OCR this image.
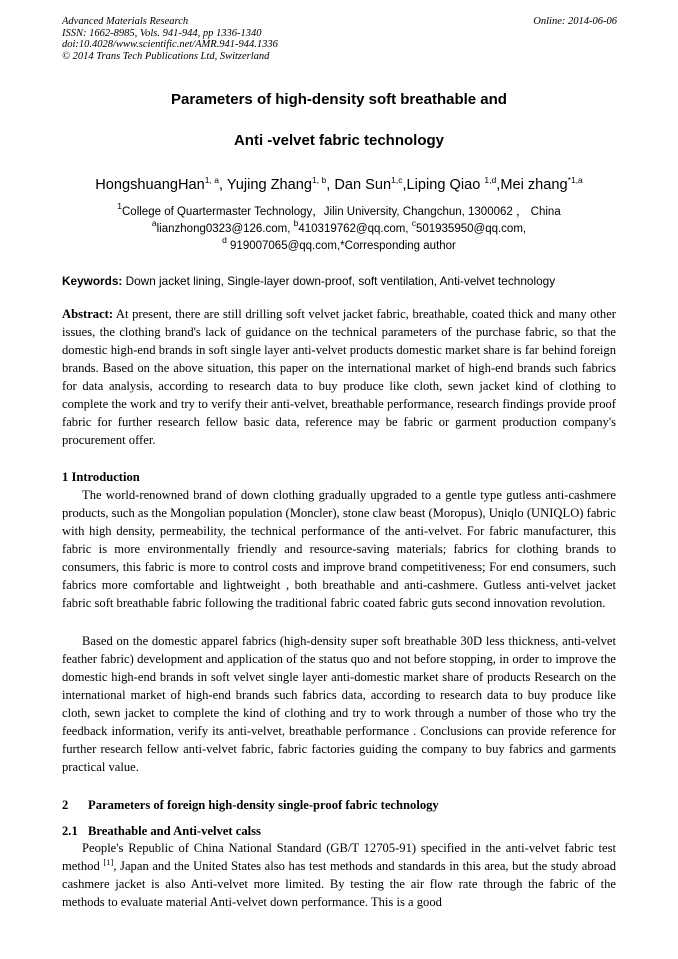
Advanced Materials Research
ISSN: 1662-8985, Vols. 941-944, pp 1336-1340
doi:10.4028/www.scientific.net/AMR.941-944.1336
© 2014 Trans Tech Publications Ltd, Switzerland
Online: 2014-06-06
Parameters of high-density soft breathable and
Anti -velvet fabric technology
HongshuangHan$^{1, a}$, Yujing Zhang$^{1, b}$, Dan Sun$^{1,c}$,Liping Qiao $^{1,d}$,Mei zhang$^{*1,a}$
$^1$College of Quartermaster Technology，Jilin University, Changchun, 1300062 ， China
$^a$lianzhong0323@126.com, $^b$410319762@qq.com, $^c$501935950@qq.com,
$^d$ 919007065@qq.com,*Corresponding author
Keywords: Down jacket lining, Single-layer down-proof, soft ventilation, Anti-velvet technology

Abstract: At present, there are still drilling soft velvet jacket fabric, breathable, coated thick and many other issues, the clothing brand's lack of guidance on the technical parameters of the purchase fabric, so that the domestic high-end brands in soft single layer anti-velvet products domestic market share is far behind foreign brands. Based on the above situation, this paper on the international market of high-end brands such fabrics for data analysis, according to research data to buy produce like cloth, sewn jacket kind of clothing to complete the work and try to verify their anti-velvet, breathable performance, research findings provide proof fabric for further research fellow basic data, reference may be fabric or garment production company's procurement offer.

1 Introduction

The world-renowned brand of down clothing gradually upgraded to a gentle type gutless anti-cashmere products, such as the Mongolian population (Moncler), stone claw beast (Moropus), Uniqlo (UNIQLO) fabric with high density, permeability, the technical performance of the anti-velvet. For fabric manufacturer, this fabric is more environmentally friendly and resource-saving materials; fabrics for clothing brands to consumers, this fabric is more to control costs and improve brand competitiveness; For end consumers, such fabrics more comfortable and lightweight , both breathable and anti-cashmere. Gutless anti-velvet jacket fabric soft breathable fabric following the traditional fabric coated fabric guts second innovation revolution.

Based on the domestic apparel fabrics (high-density super soft breathable 30D less thickness, anti-velvet feather fabric) development and application of the status quo and not before stopping, in order to improve the domestic high-end brands in soft velvet single layer anti-domestic market share of products Research on the international market of high-end brands such fabrics data, according to research data to buy produce like cloth, sewn jacket to complete the kind of clothing and try to work through a number of those who try the feedback information, verify its anti-velvet, breathable performance . Conclusions can provide reference for further research fellow anti-velvet fabric, fabric factories guiding the company to buy fabrics and garments practical value.

2 Parameters of foreign high-density single-proof fabric technology
2.1 Breathable and Anti-velvet calss

People's Republic of China National Standard (GB/T 12705-91) specified in the anti-velvet fabric test method [1], Japan and the United States also has test methods and standards in this area, but the study abroad cashmere jacket is also Anti-velvet more limited. By testing the air flow rate through the fabric of the methods to evaluate material Anti-velvet down performance. This is a good
